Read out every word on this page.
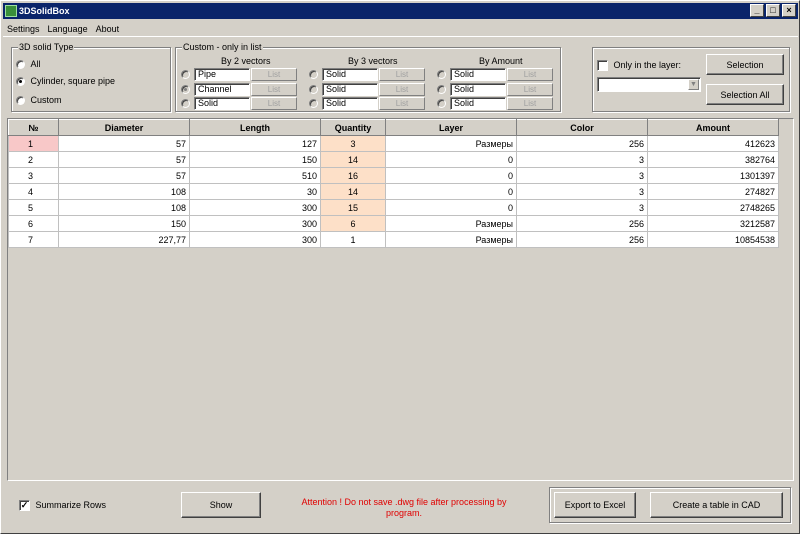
3DSolidBox	_	□	×
Settings Language About
3D solid Type
All
Cylinder, square pipe
Custom
Custom - only in list
By 2 vectors	By 3 vectors	By Amount
Pipe	List
Channel	List
Solid	List
Solid	List
Solid	List
Solid	List
Solid	List
Solid	List
Solid	List
Only in the layer:
▼
Selection
Selection All
№	Diameter	Length	Quantity	Layer	Color	Amount
1	57	127	3	Размеры	256	412623
2	57	150	14	0	3	382764
3	57	510	16	0	3	1301397
4	108	30	14	0	3	274827
5	108	300	15	0	3	2748265
6	150	300	6	Размеры	256	3212587
7	227,77	300	1	Размеры	256	10854538
✓ Summarize Rows	Show	Attention ! Do not save .dwg file after processing by program.
Export to Excel	Create a table in CAD
